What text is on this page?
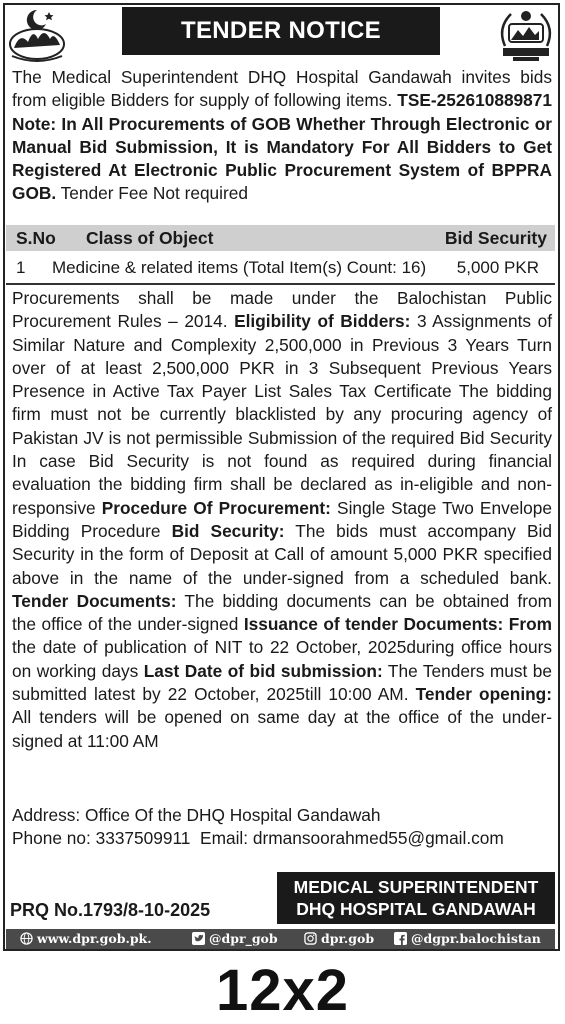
TENDER NOTICE

The Medical Superintendent DHQ Hospital Gandawah invites bids from eligible Bidders for supply of following items. TSE-252610889871 Note: In All Procurements of GOB Whether Through Electronic or Manual Bid Submission, It is Mandatory For All Bidders to Get Registered At Electronic Public Procurement System of BPPRA GOB. Tender Fee Not required

S.No Class of Object	Bid Security
1 Medicine & related items (Total Item(s) Count: 16) 5,000 PKR

Procurements shall be made under the Balochistan Public Procurement Rules – 2014. Eligibility of Bidders: 3 Assignments of Similar Nature and Complexity 2,500,000 in Previous 3 Years Turn over of at least 2,500,000 PKR in 3 Subsequent Previous Years Presence in Active Tax Payer List Sales Tax Certificate The bidding firm must not be currently blacklisted by any procuring agency of Pakistan JV is not permissible Submission of the required Bid Security In case Bid Security is not found as required during financial evaluation the bidding firm shall be declared as in-eligible and non-responsive Procedure Of Procurement: Single Stage Two Envelope Bidding Procedure Bid Security: The bids must accompany Bid Security in the form of Deposit at Call of amount 5,000 PKR specified above in the name of the under-signed from a scheduled bank. Tender Documents: The bidding documents can be obtained from the office of the under-signed Issuance of tender Documents: From the date of publication of NIT to 22 October, 2025during office hours on working days Last Date of bid submission: The Tenders must be submitted latest by 22 October, 2025till 10:00 AM. Tender opening: All tenders will be opened on same day at the office of the under-signed at 11:00 AM

Address: Office Of the DHQ Hospital Gandawah
Phone no: 3337509911 Email: drmansoorahmed55@gmail.com
PRQ No.1793/8-10-2025
MEDICAL SUPERINTENDENT
DHQ HOSPITAL GANDAWAH
www.dpr.gob.pk.	@dpr_gob	dpr.gob	@dgpr.balochistan
12x2
